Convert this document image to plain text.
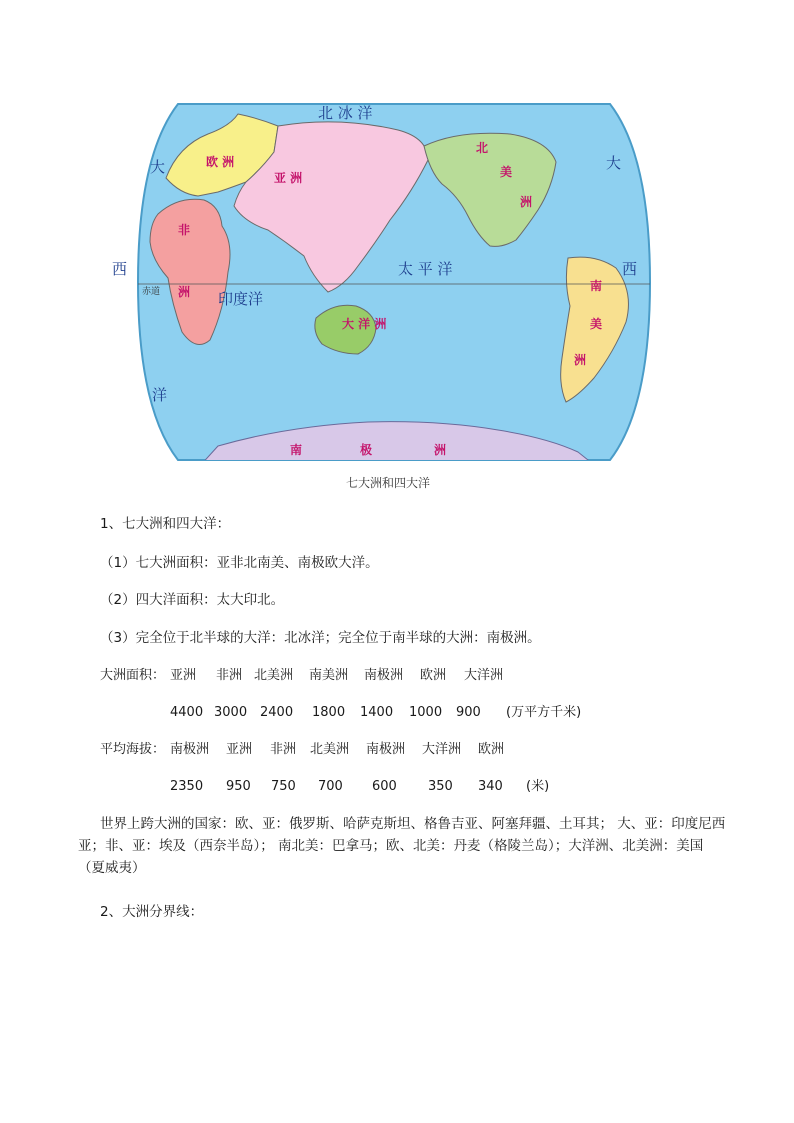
欧 洲
亚 洲
非
洲
北
美
洲
南
美
洲
大 洋 洲
南	极	洲
北 冰 洋
太 平 洋
印度洋
大
西
大
西
洋
赤道
七大洲和四大洋
1、七大洲和四大洋：
（1）七大洲面积：亚非北南美、南极欧大洋。
（2）四大洋面积：太大印北。
（3）完全位于北半球的大洋：北冰洋；完全位于南半球的大洲：南极洲。
大洲面积： 亚洲 非洲 北美洲 南美洲 南极洲 欧洲 大洋洲
4400 3000 2400 1800 1400 1000 900 (万平方千米)
平均海拔： 南极洲 亚洲 非洲 北美洲 南极洲 大洋洲 欧洲
2350 950 750 700 600 350 340 (米)
世界上跨大洲的国家：欧、亚：俄罗斯、哈萨克斯坦、格鲁吉亚、阿塞拜疆、土耳其； 大、亚：印度尼西亚；非、亚：埃及（西奈半岛）； 南北美：巴拿马；欧、北美：丹麦（格陵兰岛）；大洋洲、北美洲：美国（夏威夷）
2、大洲分界线：
